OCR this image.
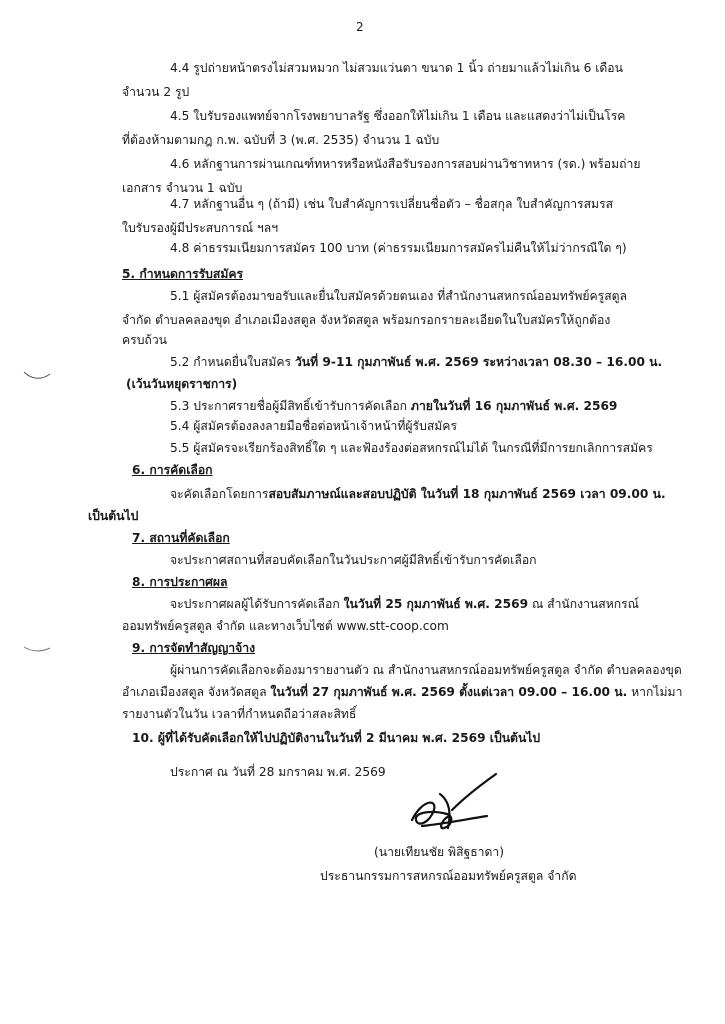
2
4.4 รูปถ่ายหน้าตรงไม่สวมหมวก ไม่สวมแว่นตา ขนาด 1 นิ้ว ถ่ายมาแล้วไม่เกิน 6 เดือน
จำนวน 2 รูป
4.5 ใบรับรองแพทย์จากโรงพยาบาลรัฐ ซึ่งออกให้ไม่เกิน 1 เดือน และแสดงว่าไม่เป็นโรค
ที่ต้องห้ามตามกฎ ก.พ. ฉบับที่ 3 (พ.ศ. 2535) จำนวน 1 ฉบับ
4.6 หลักฐานการผ่านเกณฑ์ทหารหรือหนังสือรับรองการสอบผ่านวิชาทหาร (รด.) พร้อมถ่าย
เอกสาร จำนวน 1 ฉบับ
4.7 หลักฐานอื่น ๆ (ถ้ามี) เช่น ใบสำคัญการเปลี่ยนชื่อตัว – ชื่อสกุล ใบสำคัญการสมรส
ใบรับรองผู้มีประสบการณ์ ฯลฯ
4.8 ค่าธรรมเนียมการสมัคร 100 บาท (ค่าธรรมเนียมการสมัครไม่คืนให้ไม่ว่ากรณีใด ๆ)
5. กำหนดการรับสมัคร
5.1 ผู้สมัครต้องมาขอรับและยื่นใบสมัครด้วยตนเอง ที่สำนักงานสหกรณ์ออมทรัพย์ครูสตูล
จำกัด ตำบลคลองขุด อำเภอเมืองสตูล จังหวัดสตูล พร้อมกรอกรายละเอียดในใบสมัครให้ถูกต้อง
ครบถ้วน
5.2 กำหนดยื่นใบสมัคร วันที่ 9-11 กุมภาพันธ์ พ.ศ. 2569 ระหว่างเวลา 08.30 – 16.00 น.
(เว้นวันหยุดราชการ)
5.3 ประกาศรายชื่อผู้มีสิทธิ์เข้ารับการคัดเลือก ภายในวันที่ 16 กุมภาพันธ์ พ.ศ. 2569
5.4 ผู้สมัครต้องลงลายมือชื่อต่อหน้าเจ้าหน้าที่ผู้รับสมัคร
5.5 ผู้สมัครจะเรียกร้องสิทธิ์ใด ๆ และฟ้องร้องต่อสหกรณ์ไม่ได้ ในกรณีที่มีการยกเลิกการสมัคร
6. การคัดเลือก
จะคัดเลือกโดยการสอบสัมภาษณ์และสอบปฏิบัติ ในวันที่ 18 กุมภาพันธ์ 2569 เวลา 09.00 น.
เป็นต้นไป
7. สถานที่คัดเลือก
จะประกาศสถานที่สอบคัดเลือกในวันประกาศผู้มีสิทธิ์เข้ารับการคัดเลือก
8. การประกาศผล
จะประกาศผลผู้ได้รับการคัดเลือก ในวันที่ 25 กุมภาพันธ์ พ.ศ. 2569 ณ สำนักงานสหกรณ์
ออมทรัพย์ครูสตูล จำกัด และทางเว็บไซต์ www.stt-coop.com
9. การจัดทำสัญญาจ้าง
ผู้ผ่านการคัดเลือกจะต้องมารายงานตัว ณ สำนักงานสหกรณ์ออมทรัพย์ครูสตูล จำกัด ตำบลคลองขุด
อำเภอเมืองสตูล จังหวัดสตูล ในวันที่ 27 กุมภาพันธ์ พ.ศ. 2569 ตั้งแต่เวลา 09.00 – 16.00 น. หากไม่มา
รายงานตัวในวัน เวลาที่กำหนดถือว่าสละสิทธิ์
10. ผู้ที่ได้รับคัดเลือกให้ไปปฏิบัติงานในวันที่ 2 มีนาคม พ.ศ. 2569 เป็นต้นไป
ประกาศ ณ วันที่ 28 มกราคม พ.ศ. 2569
(นายเทียนชัย พิสิฐธาดา)
ประธานกรรมการสหกรณ์ออมทรัพย์ครูสตูล จำกัด
